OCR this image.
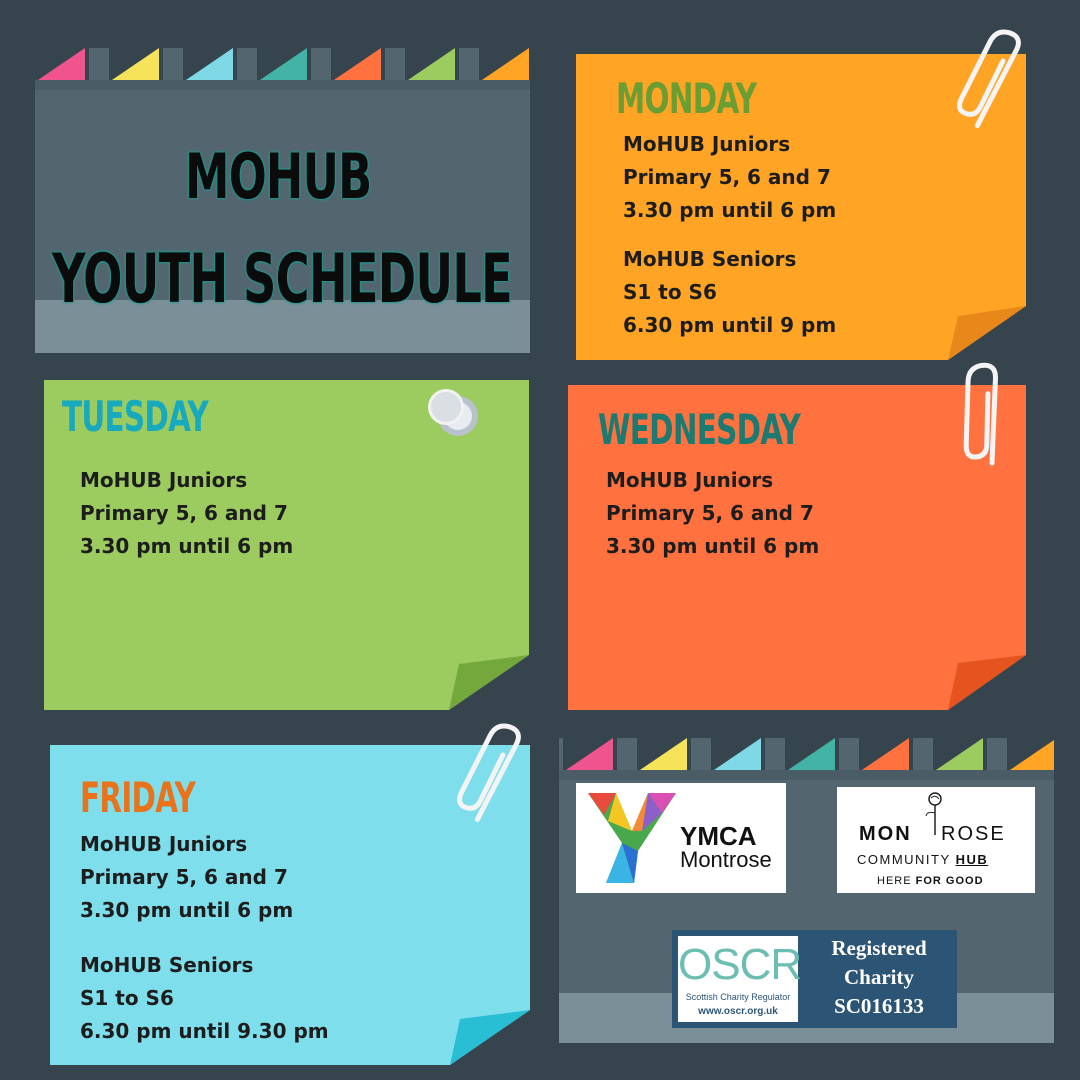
MOHUB
YOUTH SCHEDULE
MONDAY
MoHUB Juniors
Primary 5, 6 and 7
3.30 pm until 6 pm
MoHUB Seniors
S1 to S6
6.30 pm until 9 pm
TUESDAY
MoHUB Juniors
Primary 5, 6 and 7
3.30 pm until 6 pm
WEDNESDAY
MoHUB Juniors
Primary 5, 6 and 7
3.30 pm until 6 pm
FRIDAY
MoHUB Juniors
Primary 5, 6 and 7
3.30 pm until 6 pm
MoHUB Seniors
S1 to S6
6.30 pm until 9.30 pm
YMCA
Montrose
MON ROSE
COMMUNITY HUB
HERE FOR GOOD
OSCR
Scottish Charity Regulator
www.oscr.org.uk
Registered
Charity
SC016133
